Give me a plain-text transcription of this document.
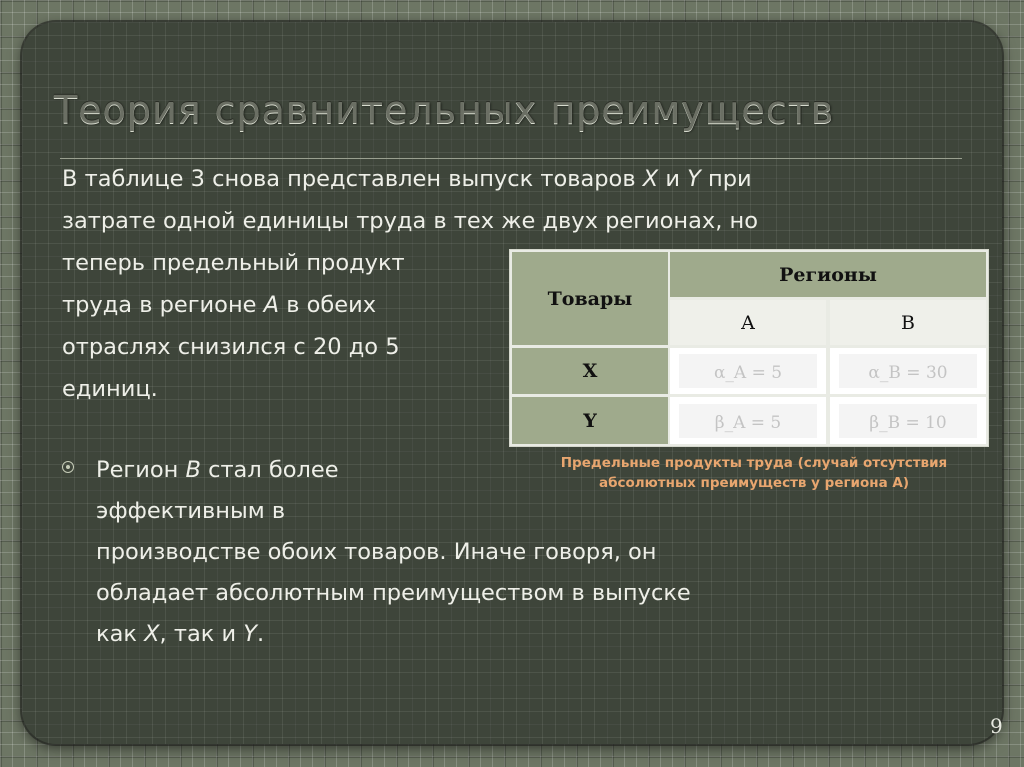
Теория сравнительных преимуществ

В таблице 3 снова представлен выпуск товаров X и Y при
затрате одной единицы труда в тех же двух регионах, но
теперь предельный продукт
труда в регионе A в обеих
отраслях снизился с 20 до 5
единиц.

Регион B стал более
эффективным в
производстве обоих товаров. Иначе говоря, он
обладает абсолютным преимуществом в выпуске
как X, так и Y.
Товары
Регионы
A	B
X	α_A = 5	α_B = 30
Y	β_A = 5	β_B = 10

Предельные продукты труда (случай отсутствия
абсолютных преимуществ у региона A)

9
